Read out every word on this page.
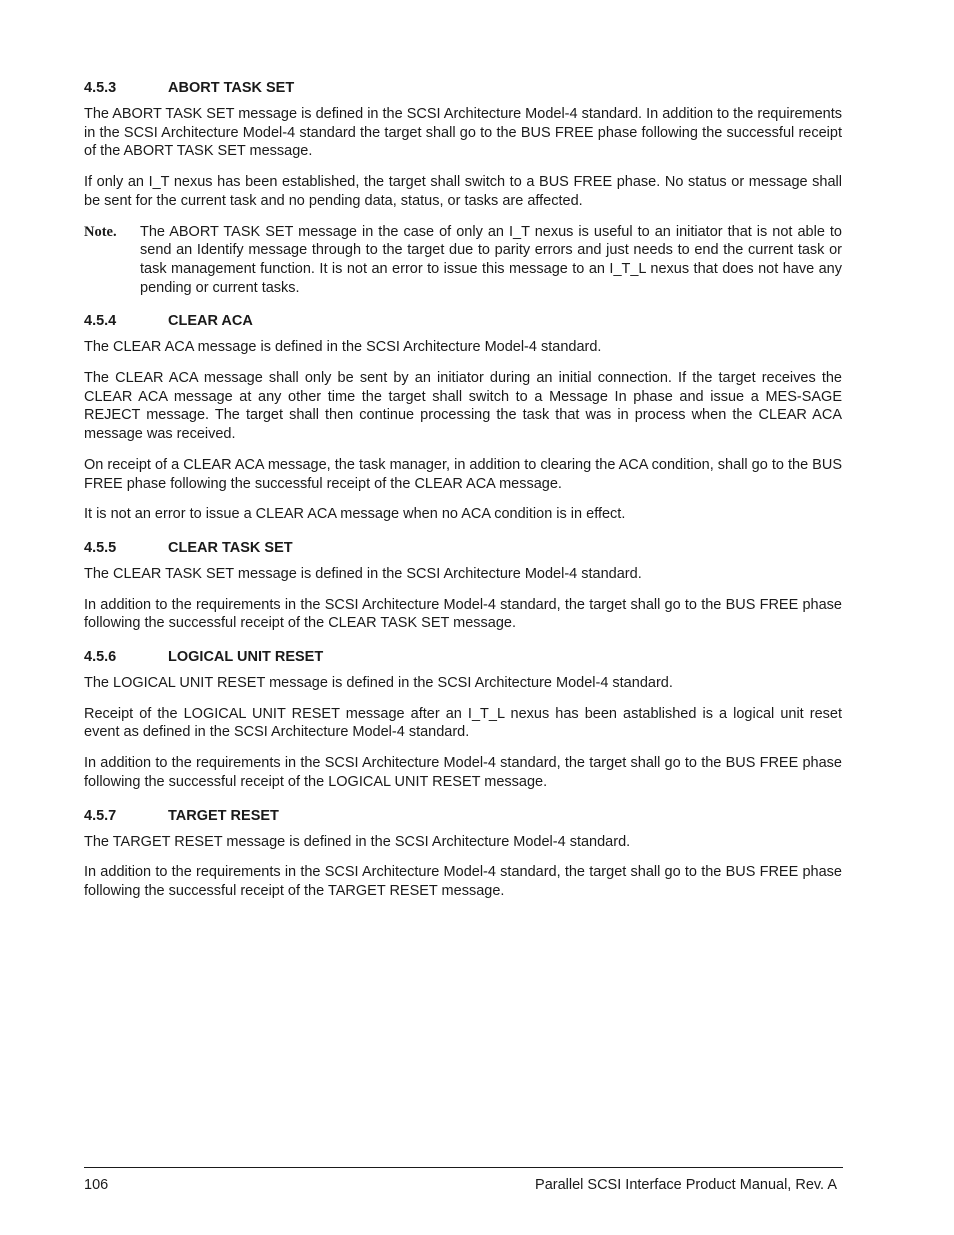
4.5.3	ABORT TASK SET

The ABORT TASK SET message is defined in the SCSI Architecture Model-4 standard. In addition to the requirements in the SCSI Architecture Model-4 standard the target shall go to the BUS FREE phase following the successful receipt of the ABORT TASK SET message.

If only an I_T nexus has been established, the target shall switch to a BUS FREE phase. No status or message shall be sent for the current task and no pending data, status, or tasks are affected.

Note.	The ABORT TASK SET message in the case of only an I_T nexus is useful to an initiator that is not able to send an Identify message through to the target due to parity errors and just needs to end the current task or task management function. It is not an error to issue this message to an I_T_L nexus that does not have any pending or current tasks.
4.5.4	CLEAR ACA

The CLEAR ACA message is defined in the SCSI Architecture Model-4 standard.

The CLEAR ACA message shall only be sent by an initiator during an initial connection. If the target receives the CLEAR ACA message at any other time the target shall switch to a Message In phase and issue a MES-SAGE REJECT message. The target shall then continue processing the task that was in process when the CLEAR ACA message was received.

On receipt of a CLEAR ACA message, the task manager, in addition to clearing the ACA condition, shall go to the BUS FREE phase following the successful receipt of the CLEAR ACA message.

It is not an error to issue a CLEAR ACA message when no ACA condition is in effect.

4.5.5	CLEAR TASK SET

The CLEAR TASK SET message is defined in the SCSI Architecture Model-4 standard.

In addition to the requirements in the SCSI Architecture Model-4 standard, the target shall go to the BUS FREE phase following the successful receipt of the CLEAR TASK SET message.

4.5.6	LOGICAL UNIT RESET

The LOGICAL UNIT RESET message is defined in the SCSI Architecture Model-4 standard.

Receipt of the LOGICAL UNIT RESET message after an I_T_L nexus has been astablished is a logical unit reset event as defined in the SCSI Architecture Model-4 standard.

In addition to the requirements in the SCSI Architecture Model-4 standard, the target shall go to the BUS FREE phase following the successful receipt of the LOGICAL UNIT RESET message.

4.5.7	TARGET RESET

The TARGET RESET message is defined in the SCSI Architecture Model-4 standard.

In addition to the requirements in the SCSI Architecture Model-4 standard, the target shall go to the BUS FREE phase following the successful receipt of the TARGET RESET message.

106	Parallel SCSI Interface Product Manual, Rev. A
